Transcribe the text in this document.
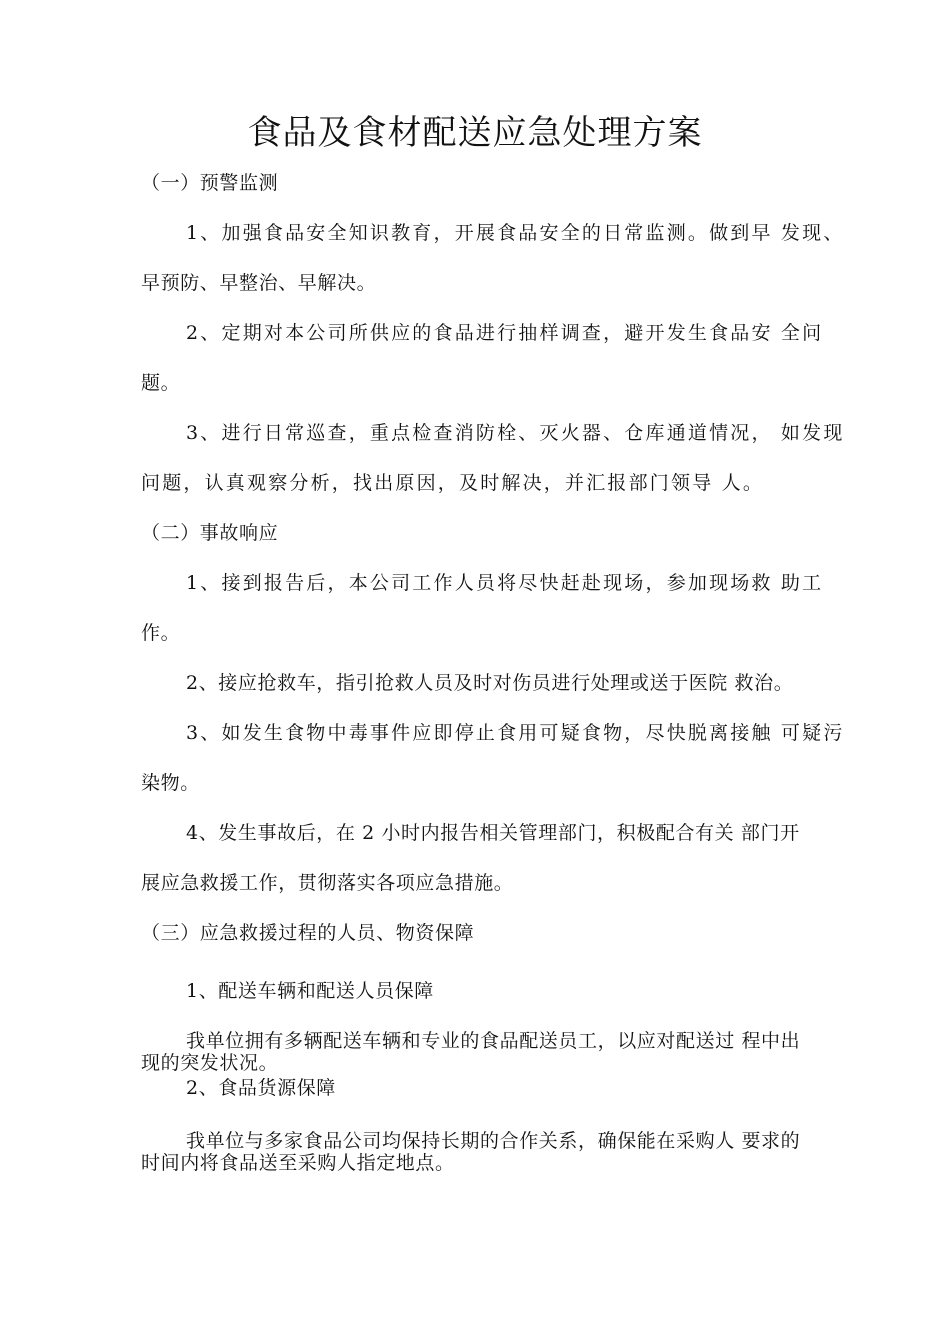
食品及食材配送应急处理方案
（一）预警监测
1、加强食品安全知识教育，开展食品安全的日常监测。做到早 发现、
早预防、早整治、早解决。
2、定期对本公司所供应的食品进行抽样调查，避开发生食品安 全问
题。
3、进行日常巡查，重点检查消防栓、灭火器、仓库通道情况， 如发现
问题，认真观察分析，找出原因，及时解决，并汇报部门领导 人。
（二）事故响应
1、接到报告后，本公司工作人员将尽快赶赴现场，参加现场救 助工
作。
2、接应抢救车，指引抢救人员及时对伤员进行处理或送于医院 救治。
3、如发生食物中毒事件应即停止食用可疑食物，尽快脱离接触 可疑污
染物。
4、发生事故后，在 2 小时内报告相关管理部门，积极配合有关 部门开
展应急救援工作，贯彻落实各项应急措施。
（三）应急救援过程的人员、物资保障
1、配送车辆和配送人员保障
我单位拥有多辆配送车辆和专业的食品配送员工，以应对配送过 程中出
现的突发状况。
2、食品货源保障
我单位与多家食品公司均保持长期的合作关系，确保能在采购人 要求的
时间内将食品送至采购人指定地点。
